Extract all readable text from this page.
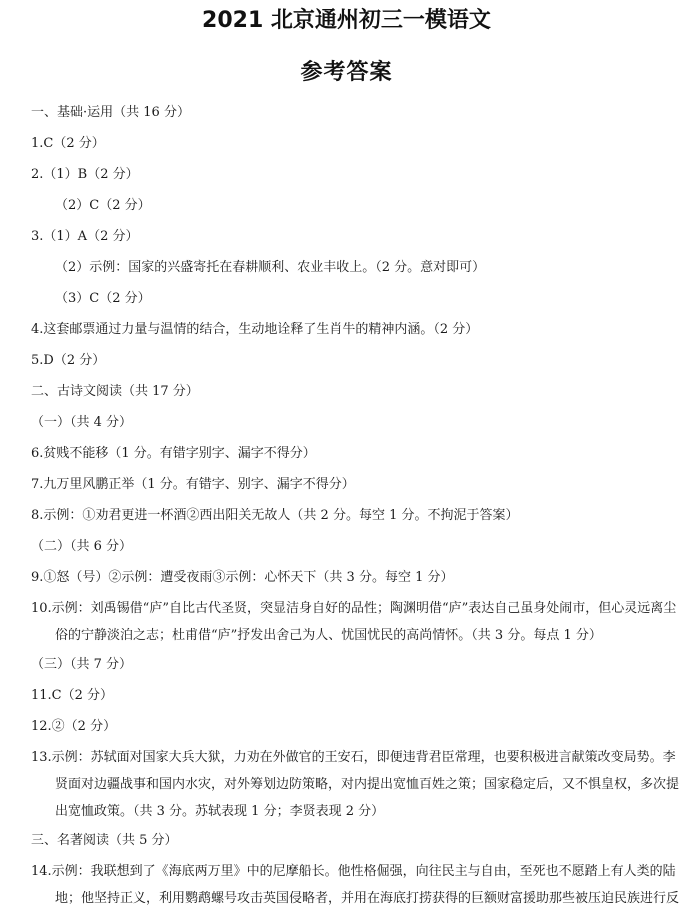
2021 北京通州初三一模语文
参考答案
一、基础·运用（共 16 分）
1.C（2 分）
2.（1）B（2 分）
（2）C（2 分）
3.（1）A（2 分）
（2）示例：国家的兴盛寄托在春耕顺利、农业丰收上。（2 分。意对即可）
（3）C（2 分）
4.这套邮票通过力量与温情的结合，生动地诠释了生肖牛的精神内涵。（2 分）
5.D（2 分）
二、古诗文阅读（共 17 分）
（一）（共 4 分）
6.贫贱不能移（1 分。有错字别字、漏字不得分）
7.九万里风鹏正举（1 分。有错字、别字、漏字不得分）
8.示例：①劝君更进一杯酒②西出阳关无故人（共 2 分。每空 1 分。不拘泥于答案）
（二）（共 6 分）
9.①怒（号）②示例：遭受夜雨③示例：心怀天下（共 3 分。每空 1 分）
10.示例：刘禹锡借“庐”自比古代圣贤，突显洁身自好的品性；陶渊明借“庐”表达自己虽身处闹市，但心灵远离尘
俗的宁静淡泊之志；杜甫借“庐”抒发出舍己为人、忧国忧民的高尚情怀。（共 3 分。每点 1 分）
（三）（共 7 分）
11.C（2 分）
12.②（2 分）
13.示例：苏轼面对国家大兵大狱，力劝在外做官的王安石，即便违背君臣常理，也要积极进言献策改变局势。李
贤面对边疆战事和国内水灾，对外筹划边防策略，对内提出宽恤百姓之策；国家稳定后，又不惧皇权，多次提
出宽恤政策。（共 3 分。苏轼表现 1 分；李贤表现 2 分）
三、名著阅读（共 5 分）
14.示例：我联想到了《海底两万里》中的尼摩船长。他性格倔强，向往民主与自由，至死也不愿踏上有人类的陆
地；他坚持正义，利用鹦鹉螺号攻击英国侵略者，并用在海底打捞获得的巨额财富援助那些被压迫民族进行反
